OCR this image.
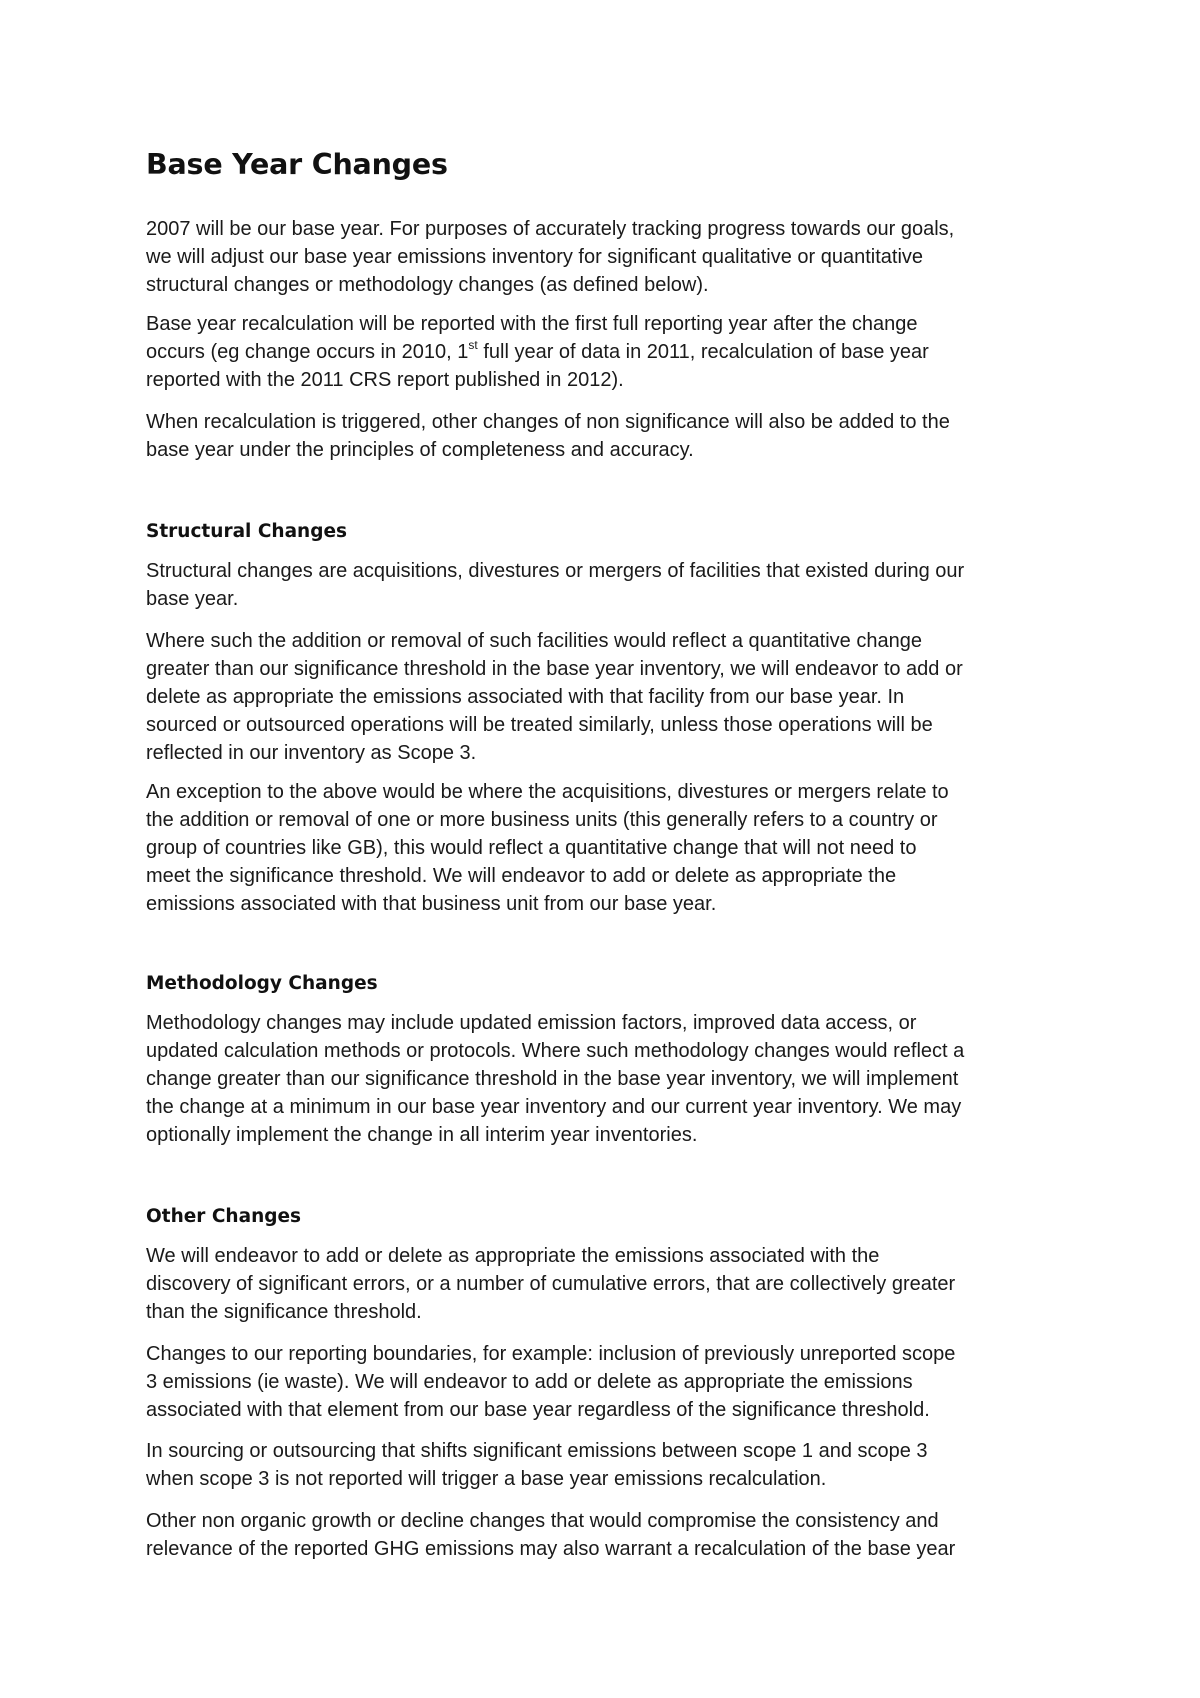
Base Year Changes

2007 will be our base year. For purposes of accurately tracking progress towards our goals,
we will adjust our base year emissions inventory for significant qualitative or quantitative
structural changes or methodology changes (as defined below).

Base year recalculation will be reported with the first full reporting year after the change
occurs (eg change occurs in 2010, 1st full year of data in 2011, recalculation of base year
reported with the 2011 CRS report published in 2012).

When recalculation is triggered, other changes of non significance will also be added to the
base year under the principles of completeness and accuracy.

Structural Changes

Structural changes are acquisitions, divestures or mergers of facilities that existed during our
base year.

Where such the addition or removal of such facilities would reflect a quantitative change
greater than our significance threshold in the base year inventory, we will endeavor to add or
delete as appropriate the emissions associated with that facility from our base year. In
sourced or outsourced operations will be treated similarly, unless those operations will be
reflected in our inventory as Scope 3.

An exception to the above would be where the acquisitions, divestures or mergers relate to
the addition or removal of one or more business units (this generally refers to a country or
group of countries like GB), this would reflect a quantitative change that will not need to
meet the significance threshold. We will endeavor to add or delete as appropriate the
emissions associated with that business unit from our base year.

Methodology Changes

Methodology changes may include updated emission factors, improved data access, or
updated calculation methods or protocols. Where such methodology changes would reflect a
change greater than our significance threshold in the base year inventory, we will implement
the change at a minimum in our base year inventory and our current year inventory. We may
optionally implement the change in all interim year inventories.

Other Changes

We will endeavor to add or delete as appropriate the emissions associated with the
discovery of significant errors, or a number of cumulative errors, that are collectively greater
than the significance threshold.

Changes to our reporting boundaries, for example: inclusion of previously unreported scope
3 emissions (ie waste). We will endeavor to add or delete as appropriate the emissions
associated with that element from our base year regardless of the significance threshold.

In sourcing or outsourcing that shifts significant emissions between scope 1 and scope 3
when scope 3 is not reported will trigger a base year emissions recalculation.

Other non organic growth or decline changes that would compromise the consistency and
relevance of the reported GHG emissions may also warrant a recalculation of the base year
